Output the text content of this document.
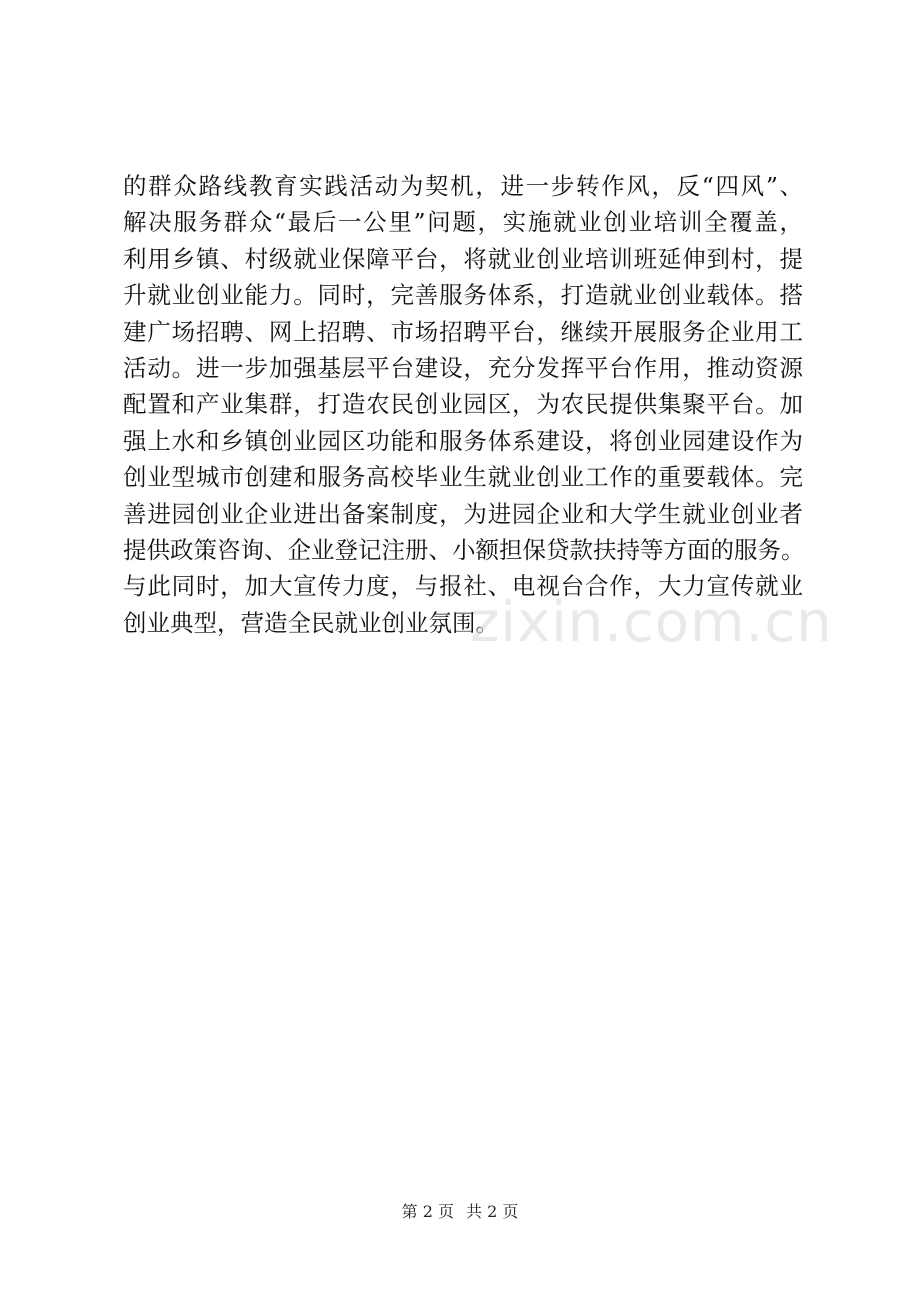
的群众路线教育实践活动为契机，进一步转作风，反“四风”、
解决服务群众“最后一公里”问题，实施就业创业培训全覆盖，
利用乡镇、村级就业保障平台，将就业创业培训班延伸到村，提
升就业创业能力。同时，完善服务体系，打造就业创业载体。搭
建广场招聘、网上招聘、市场招聘平台，继续开展服务企业用工
活动。进一步加强基层平台建设，充分发挥平台作用，推动资源
配置和产业集群，打造农民创业园区，为农民提供集聚平台。加
强上水和乡镇创业园区功能和服务体系建设，将创业园建设作为
创业型城市创建和服务高校毕业生就业创业工作的重要载体。完
善进园创业企业进出备案制度，为进园企业和大学生就业创业者
提供政策咨询、企业登记注册、小额担保贷款扶持等方面的服务。
与此同时，加大宣传力度，与报社、电视台合作，大力宣传就业
创业典型，营造全民就业创业氛围。
zixin.com.cn
第 2 页 共 2 页
